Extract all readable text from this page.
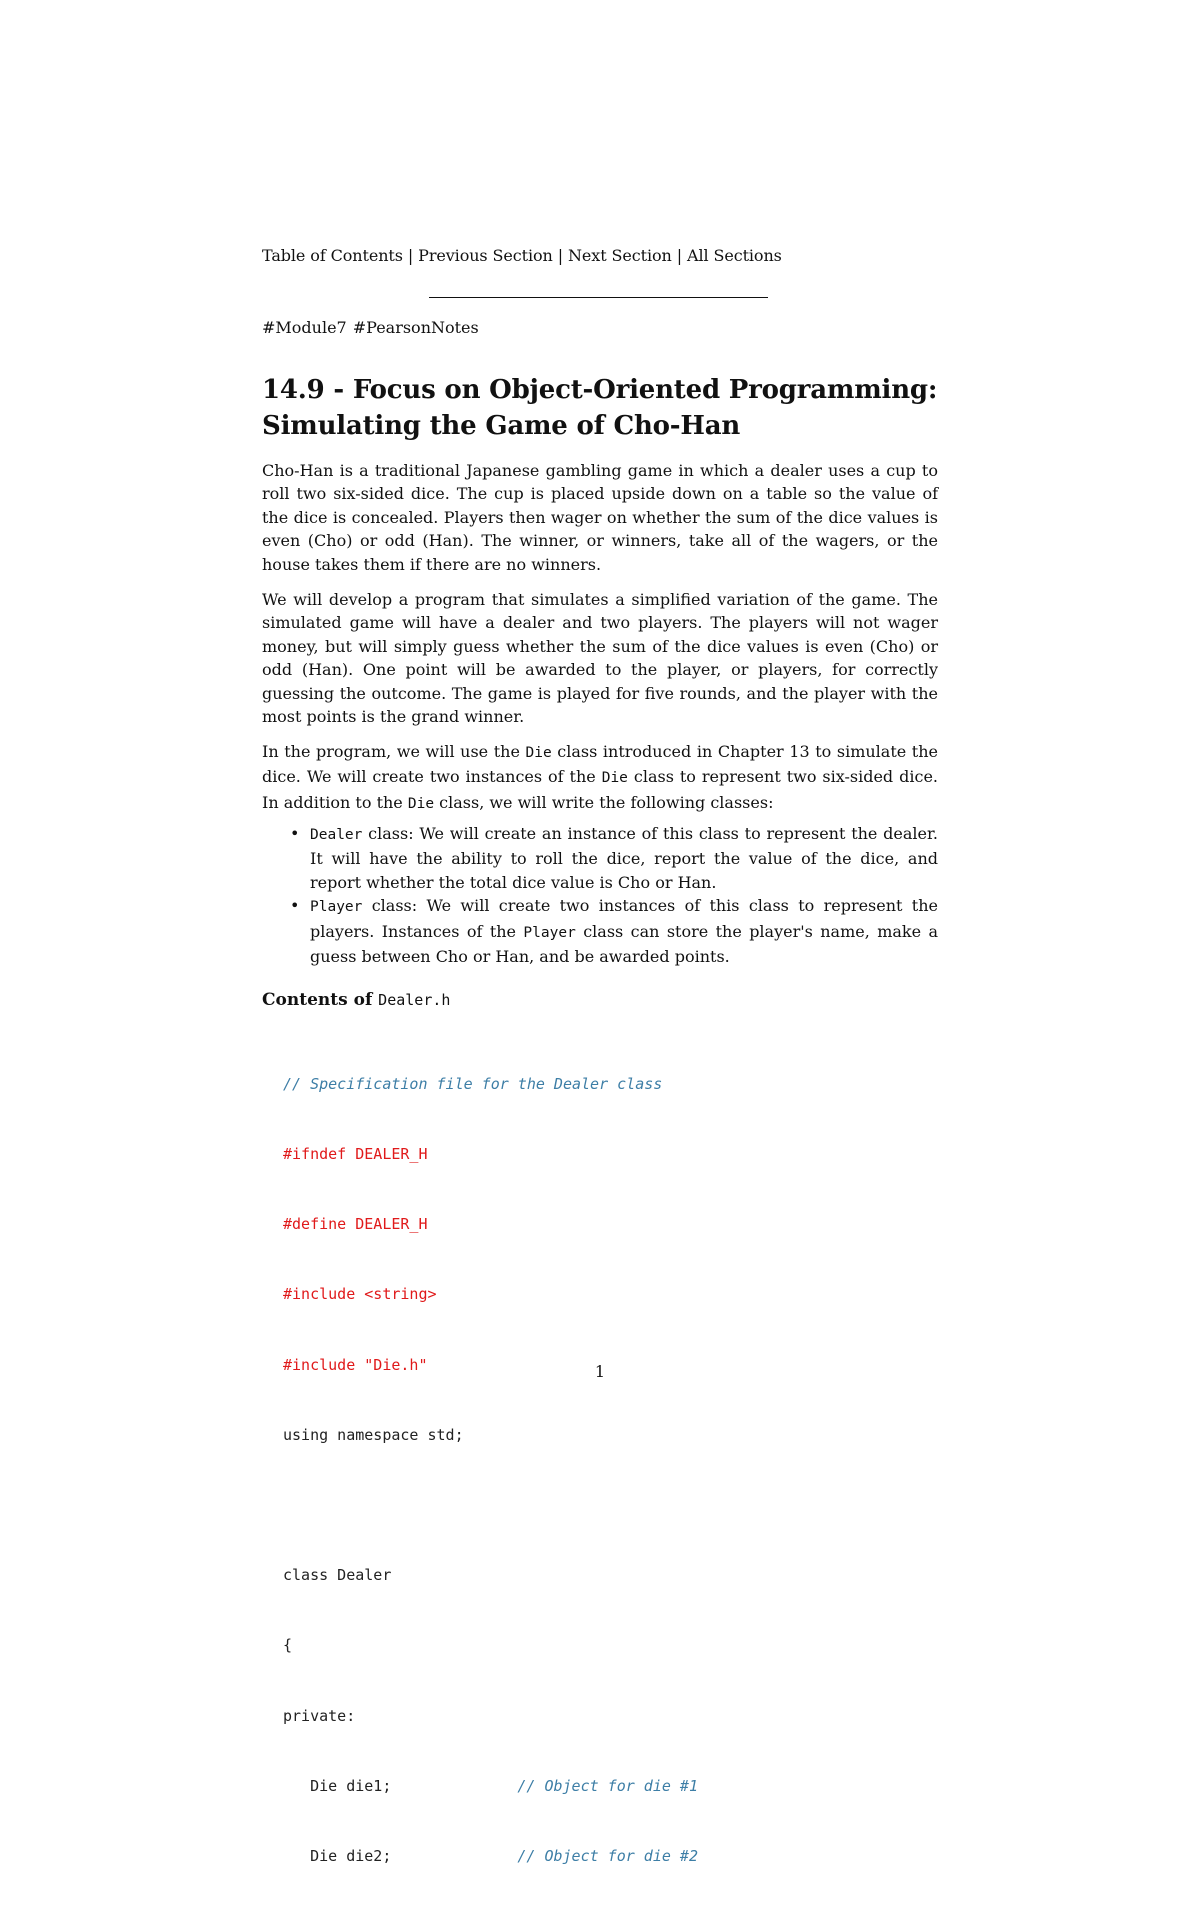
Table of Contents | Previous Section | Next Section | All Sections
#Module7 #PearsonNotes
14.9 - Focus on Object-Oriented Programming:
Simulating the Game of Cho-Han

Cho-Han is a traditional Japanese gambling game in which a dealer uses a cup to roll two six-sided dice. The cup is placed upside down on a table so the value of the dice is concealed. Players then wager on whether the sum of the dice values is even (Cho) or odd (Han). The winner, or winners, take all of the wagers, or the house takes them if there are no winners.

We will develop a program that simulates a simplified variation of the game. The simulated game will have a dealer and two players. The players will not wager money, but will simply guess whether the sum of the dice values is even (Cho) or odd (Han). One point will be awarded to the player, or players, for correctly guessing the outcome. The game is played for five rounds, and the player with the most points is the grand winner.

In the program, we will use the Die class introduced in Chapter 13 to simulate the dice. We will create two instances of the Die class to represent two six-sided dice. In addition to the Die class, we will write the following classes:

• Dealer class: We will create an instance of this class to represent the dealer. It will have the ability to roll the dice, report the value of the dice, and report whether the total dice value is Cho or Han.
• Player class: We will create two instances of this class to represent the players. Instances of the Player class can store the player's name, make a guess between Cho or Han, and be awarded points.
Contents of Dealer.h

// Specification file for the Dealer class

#ifndef DEALER_H

#define DEALER_H

#include <string>

#include "Die.h"

using namespace std;

class Dealer

{

private:

Die die1;	// Object for die #1

Die die2;	// Object for die #2

1
